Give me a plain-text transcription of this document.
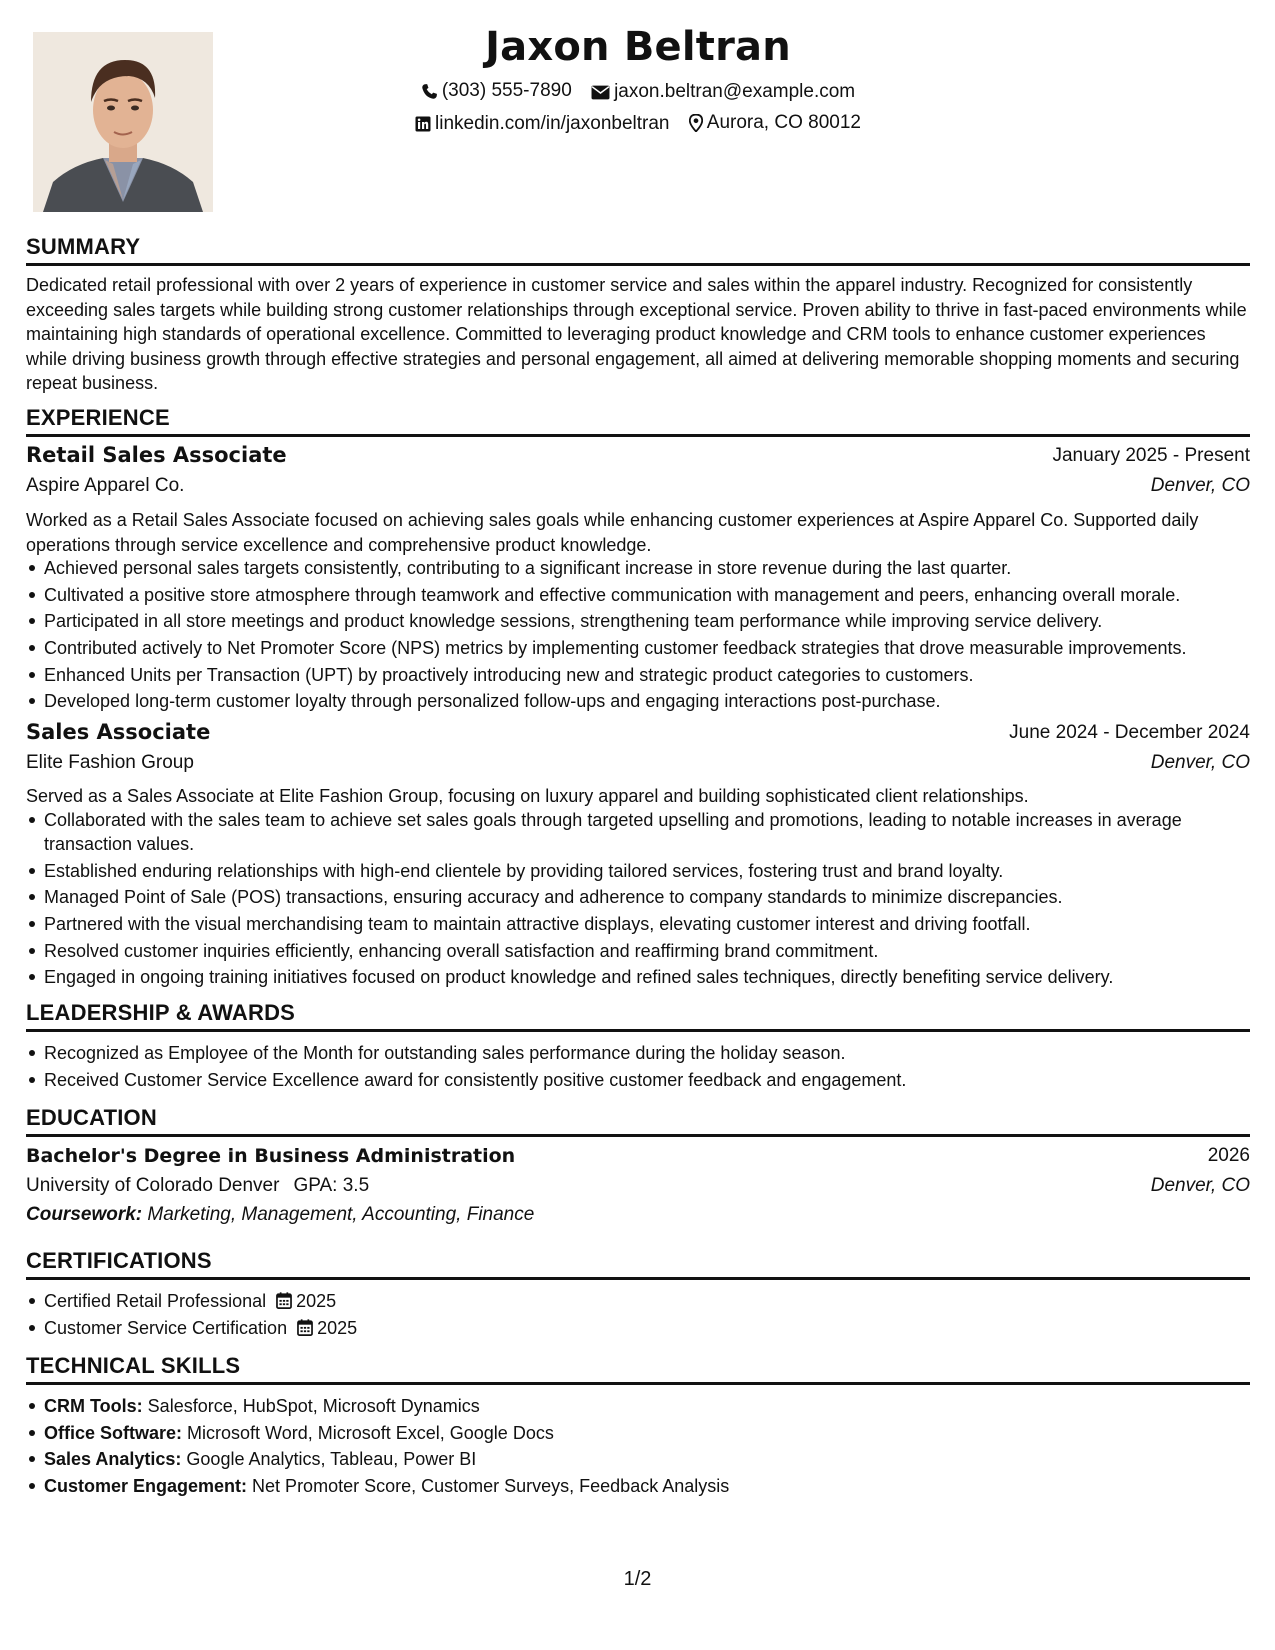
Jaxon Beltran
(303) 555-7890
jaxon.beltran@example.com
linkedin.com/in/jaxonbeltran
Aurora, CO 80012
SUMMARY
Dedicated retail professional with over 2 years of experience in customer service and sales within the apparel industry. Recognized for consistently exceeding sales targets while building strong customer relationships through exceptional service. Proven ability to thrive in fast-paced environments while maintaining high standards of operational excellence. Committed to leveraging product knowledge and CRM tools to enhance customer experiences while driving business growth through effective strategies and personal engagement, all aimed at delivering memorable shopping moments and securing repeat business.
EXPERIENCE
Retail Sales Associate	January 2025 - Present
Aspire Apparel Co.	Denver, CO
Worked as a Retail Sales Associate focused on achieving sales goals while enhancing customer experiences at Aspire Apparel Co. Supported daily operations through service excellence and comprehensive product knowledge.
Achieved personal sales targets consistently, contributing to a significant increase in store revenue during the last quarter.
Cultivated a positive store atmosphere through teamwork and effective communication with management and peers, enhancing overall morale.
Participated in all store meetings and product knowledge sessions, strengthening team performance while improving service delivery.
Contributed actively to Net Promoter Score (NPS) metrics by implementing customer feedback strategies that drove measurable improvements.
Enhanced Units per Transaction (UPT) by proactively introducing new and strategic product categories to customers.
Developed long-term customer loyalty through personalized follow-ups and engaging interactions post-purchase.
Sales Associate	June 2024 - December 2024
Elite Fashion Group	Denver, CO
Served as a Sales Associate at Elite Fashion Group, focusing on luxury apparel and building sophisticated client relationships.
Collaborated with the sales team to achieve set sales goals through targeted upselling and promotions, leading to notable increases in average transaction values.
Established enduring relationships with high-end clientele by providing tailored services, fostering trust and brand loyalty.
Managed Point of Sale (POS) transactions, ensuring accuracy and adherence to company standards to minimize discrepancies.
Partnered with the visual merchandising team to maintain attractive displays, elevating customer interest and driving footfall.
Resolved customer inquiries efficiently, enhancing overall satisfaction and reaffirming brand commitment.
Engaged in ongoing training initiatives focused on product knowledge and refined sales techniques, directly benefiting service delivery.
LEADERSHIP & AWARDS
Recognized as Employee of the Month for outstanding sales performance during the holiday season.
Received Customer Service Excellence award for consistently positive customer feedback and engagement.
EDUCATION
Bachelor's Degree in Business Administration	2026
University of Colorado Denver GPA: 3.5	Denver, CO
Coursework: Marketing, Management, Accounting, Finance
CERTIFICATIONS
Certified Retail Professional 2025
Customer Service Certification 2025
TECHNICAL SKILLS
CRM Tools: Salesforce, HubSpot, Microsoft Dynamics
Office Software: Microsoft Word, Microsoft Excel, Google Docs
Sales Analytics: Google Analytics, Tableau, Power BI
Customer Engagement: Net Promoter Score, Customer Surveys, Feedback Analysis
1/2
